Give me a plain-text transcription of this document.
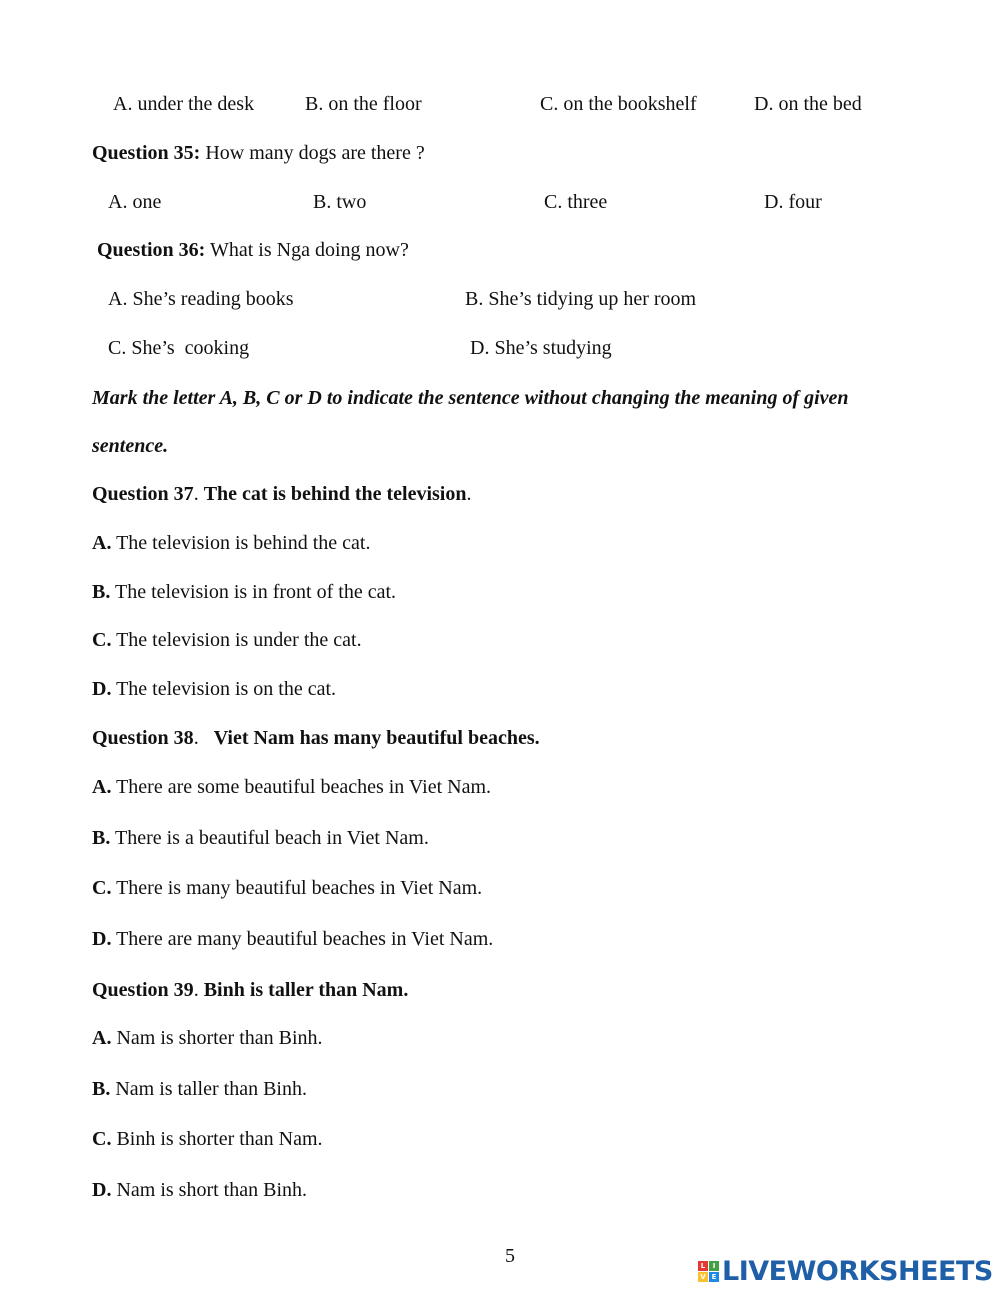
A. under the desk	B. on the floor	C. on the bookshelf	D. on the bed
Question 35: How many dogs are there ?
A. one	B. two	C. three	D. four
Question 36: What is Nga doing now?
A. She’s reading books	B. She’s tidying up her room
C. She’s  cooking	D. She’s studying
Mark the letter A, B, C or D to indicate the sentence without changing the meaning of given
sentence.
Question 37. The cat is behind the television.
A. The television is behind the cat.
B. The television is in front of the cat.
C. The television is under the cat.
D. The television is on the cat.
Question 38.   Viet Nam has many beautiful beaches.
A. There are some beautiful beaches in Viet Nam.
B. There is a beautiful beach in Viet Nam.
C. There is many beautiful beaches in Viet Nam.
D. There are many beautiful beaches in Viet Nam.
Question 39. Binh is taller than Nam.
A. Nam is shorter than Binh.
B. Nam is taller than Binh.
C. Binh is shorter than Nam.
D. Nam is short than Binh.
5	L	I
V E LIVEWORKSHEETS
